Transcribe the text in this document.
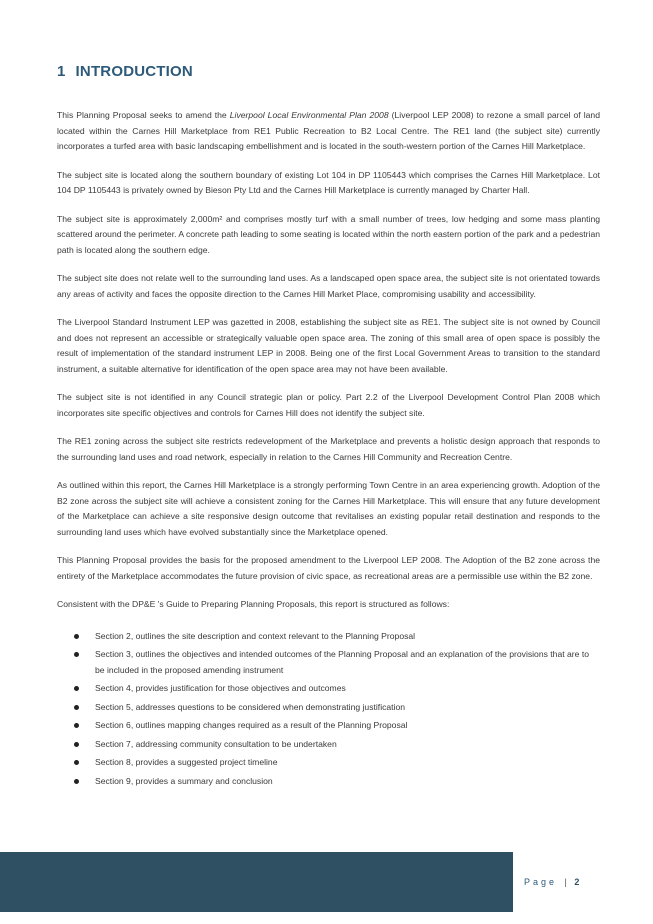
1 INTRODUCTION

This Planning Proposal seeks to amend the Liverpool Local Environmental Plan 2008 (Liverpool LEP 2008) to rezone a small parcel of land located within the Carnes Hill Marketplace from RE1 Public Recreation to B2 Local Centre. The RE1 land (the subject site) currently incorporates a turfed area with basic landscaping embellishment and is located in the south-western portion of the Carnes Hill Marketplace.

The subject site is located along the southern boundary of existing Lot 104 in DP 1105443 which comprises the Carnes Hill Marketplace. Lot 104 DP 1105443 is privately owned by Bieson Pty Ltd and the Carnes Hill Marketplace is currently managed by Charter Hall.

The subject site is approximately 2,000m² and comprises mostly turf with a small number of trees, low hedging and some mass planting scattered around the perimeter. A concrete path leading to some seating is located within the north eastern portion of the park and a pedestrian path is located along the southern edge.

The subject site does not relate well to the surrounding land uses. As a landscaped open space area, the subject site is not orientated towards any areas of activity and faces the opposite direction to the Carnes Hill Market Place, compromising usability and accessibility.

The Liverpool Standard Instrument LEP was gazetted in 2008, establishing the subject site as RE1. The subject site is not owned by Council and does not represent an accessible or strategically valuable open space area. The zoning of this small area of open space is possibly the result of implementation of the standard instrument LEP in 2008. Being one of the first Local Government Areas to transition to the standard instrument, a suitable alternative for identification of the open space area may not have been available.

The subject site is not identified in any Council strategic plan or policy. Part 2.2 of the Liverpool Development Control Plan 2008 which incorporates site specific objectives and controls for Carnes Hill does not identify the subject site.

The RE1 zoning across the subject site restricts redevelopment of the Marketplace and prevents a holistic design approach that responds to the surrounding land uses and road network, especially in relation to the Carnes Hill Community and Recreation Centre.

As outlined within this report, the Carnes Hill Marketplace is a strongly performing Town Centre in an area experiencing growth. Adoption of the B2 zone across the subject site will achieve a consistent zoning for the Carnes Hill Marketplace. This will ensure that any future development of the Marketplace can achieve a site responsive design outcome that revitalises an existing popular retail destination and responds to the surrounding land uses which have evolved substantially since the Marketplace opened.

This Planning Proposal provides the basis for the proposed amendment to the Liverpool LEP 2008. The Adoption of the B2 zone across the entirety of the Marketplace accommodates the future provision of civic space, as recreational areas are a permissible use within the B2 zone.

Consistent with the DP&E 's Guide to Preparing Planning Proposals, this report is structured as follows:

Section 2, outlines the site description and context relevant to the Planning Proposal
Section 3, outlines the objectives and intended outcomes of the Planning Proposal and an explanation of the provisions that are to be included in the proposed amending instrument
Section 4, provides justification for those objectives and outcomes
Section 5, addresses questions to be considered when demonstrating justification
Section 6, outlines mapping changes required as a result of the Planning Proposal
Section 7, addressing community consultation to be undertaken
Section 8, provides a suggested project timeline
Section 9, provides a summary and conclusion
Page | 2
